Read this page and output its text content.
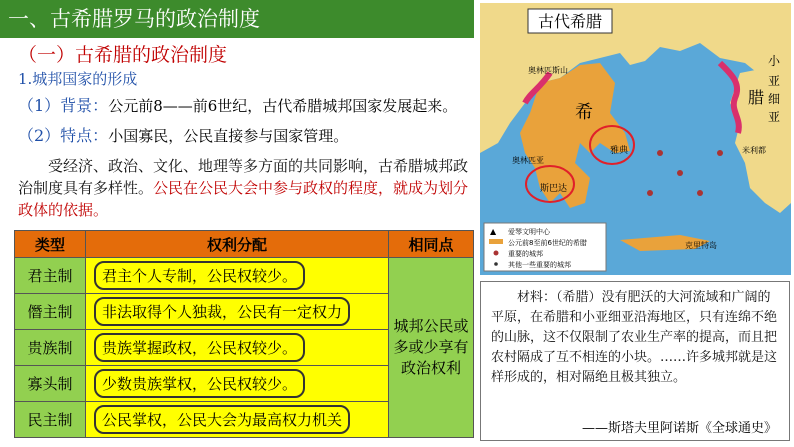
一、古希腊罗马的政治制度
（一）古希腊的政治制度
1.城邦国家的形成
（1）背景：公元前8——前6世纪，古代希腊城邦国家发展起来。
（2）特点：小国寡民，公民直接参与国家管理。
受经济、政治、文化、地理等多方面的共同影响，古希腊城邦政治制度具有多样性。公民在公民大会中参与政权的程度，就成为划分政体的依据。
类型	权利分配	相同点
君主制	君主个人专制，公民权较少。	城邦公民或多或少享有政治权利
僭主制	非法取得个人独裁，公民有一定权力	
贵族制	贵族掌握政权，公民权较少。	
寡头制	少数贵族掌权，公民权较少。	
民主制	公民掌权，公民大会为最高权力机关	
古代希腊
奥林匹斯山
希
奥林匹亚
雅典
斯巴达
克里特岛
小
亚
细
亚
腊
米利都
▲ 爱琴文明中心
公元前8至前6世纪的希腊
重要的城邦
其他一些重要的城邦
材料：（希腊）没有肥沃的大河流域和广阔的平原，在希腊和小亚细亚沿海地区，只有连绵不绝的山脉，这不仅限制了农业生产率的提高，而且把农村隔成了互不相连的小块。……许多城邦就是这样形成的，相对隔绝且极其独立。
——斯塔夫里阿诺斯《全球通史》
